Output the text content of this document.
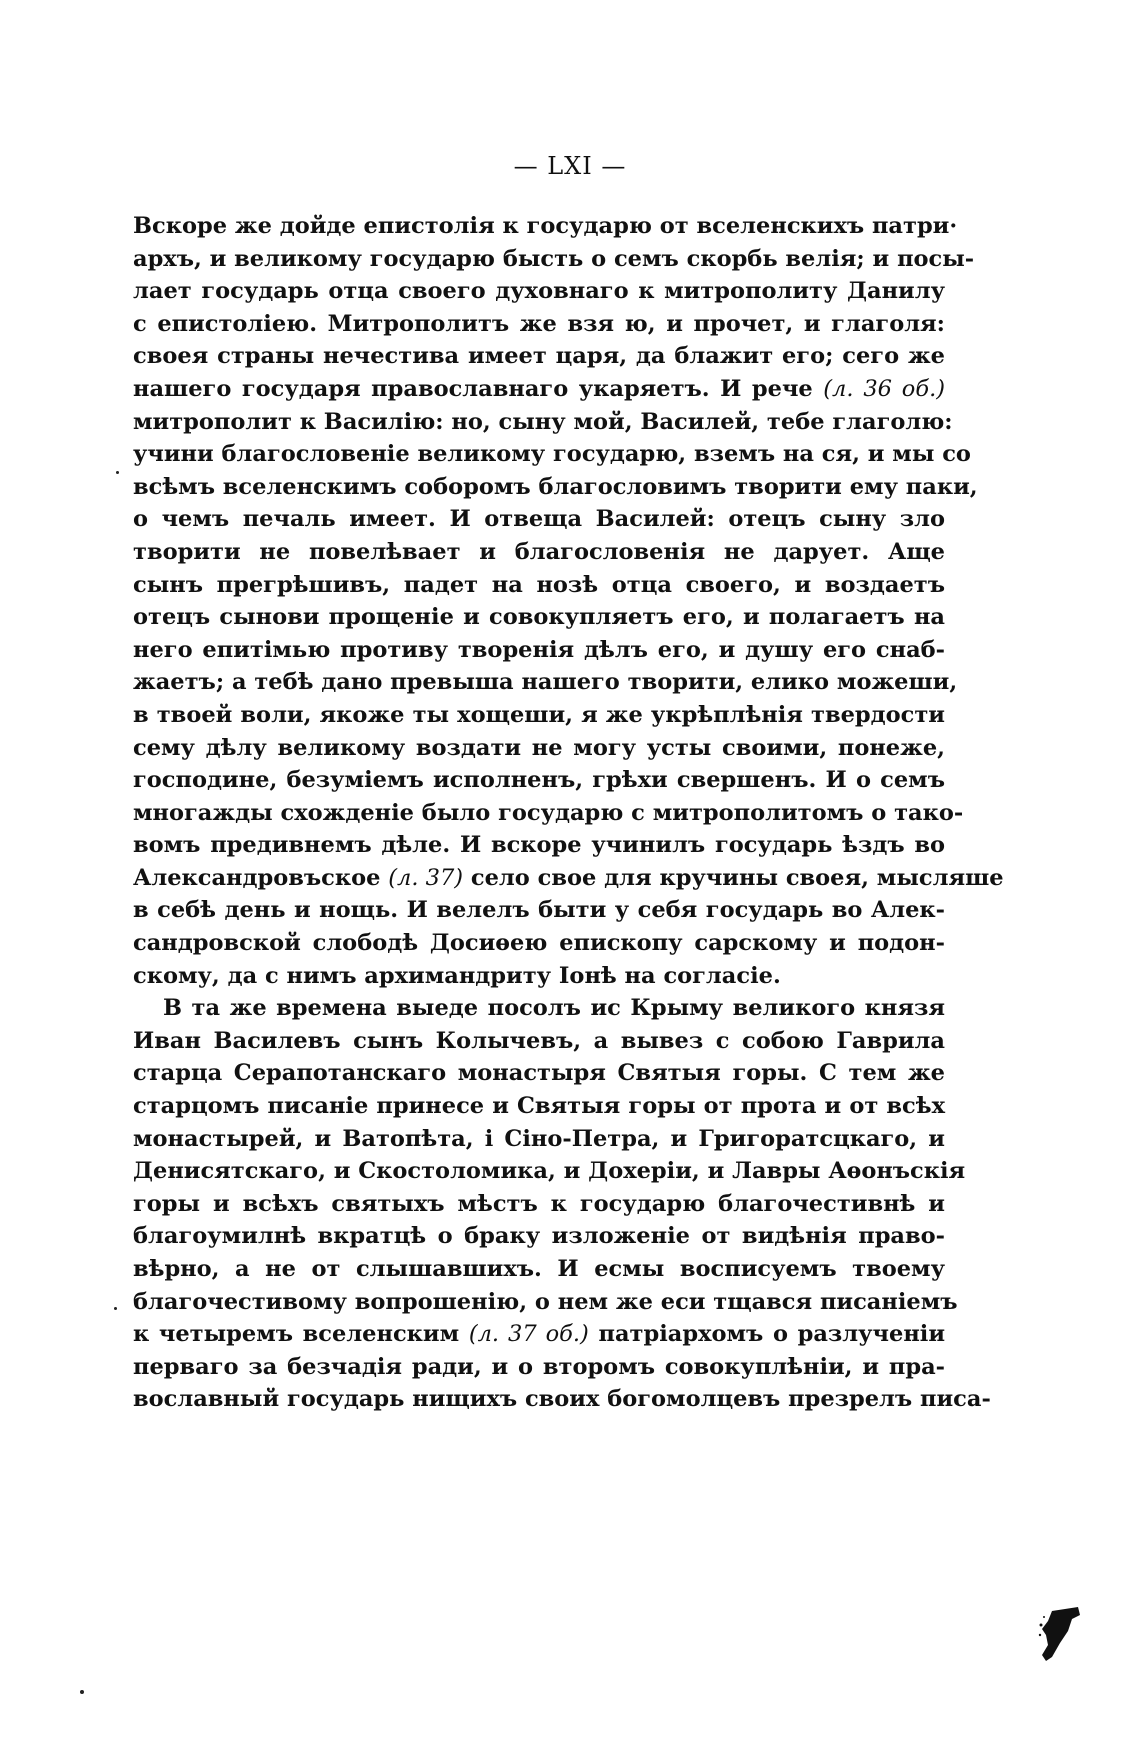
— LXI —
Вскоре же дойде епистолія к государю от вселенскихъ патри·
архъ, и великому государю бысть о семъ скорбь велія; и посы-
лает государь отца своего духовнаго к митрополиту Данилу
с епистоліею. Митрополитъ же взя ю, и прочет, и глаголя:
своея страны нечестива имеет царя, да блажит его; сего же
нашего государя православнаго укаряетъ. И рече (л. 36 об.)
митрополит к Василію: но, сыну мой, Василей, тебе глаголю:
учини благословеніе великому государю, вземъ на ся, и мы со
всѣмъ вселенскимъ соборомъ благословимъ творити ему паки,
о чемъ печаль имеет. И отвеща Василей: отецъ сыну зло
творити не повелѣвает и благословенія не дарует. Аще
сынъ прегрѣшивъ, падет на нозѣ отца своего, и воздаетъ
отецъ сынови прощеніе и совокупляетъ его, и полагаетъ на
него епитімью противу творенія дѣлъ его, и душу его снаб-
жаетъ; а тебѣ дано превыша нашего творити, елико можеши,
в твоей воли, якоже ты хощеши, я же укрѣплѣнія твердости
сему дѣлу великому воздати не могу усты своими, понеже,
господине, безуміемъ исполненъ, грѣхи свершенъ. И о семъ
многажды схожденіе было государю с митрополитомъ о тако-
вомъ предивнемъ дѣле. И вскоре учинилъ государь ѣздъ во
Александровъское (л. 37) село свое для кручины своея, мысляше
в себѣ день и нощь. И велелъ быти у себя государь во Алек-
сандровской слободѣ Досиѳею епископу сарскому и подон-
скому, да с нимъ архимандриту Іонѣ на согласіе.
В та же времена выеде посолъ ис Крыму великого князя
Иван Василевъ сынъ Колычевъ, а вывез с собою Гаврила
старца Серапотанскаго монастыря Святыя горы. С тем же
старцомъ писаніе принесе и Святыя горы от прота и от всѣх
монастырей, и Ватопѣта, і Сіно-Петра, и Григоратсцкаго, и
Денисятскаго, и Скостоломика, и Дохеріи, и Лавры Аѳонъскія
горы и всѣхъ святыхъ мѣстъ к государю благочестивнѣ и
благоумилнѣ вкратцѣ о браку изложеніе от видѣнія право-
вѣрно, а не от слышавшихъ. И есмы восписуемъ твоему
благочестивому вопрошенію, о нем же еси тщався писаніемъ
к четыремъ вселенским (л. 37 об.) патріархомъ о разлученіи
перваго за безчадія ради, и о второмъ совокуплѣніи, и пра-
вославный государь нищихъ своих богомолцевъ презрелъ писа-
